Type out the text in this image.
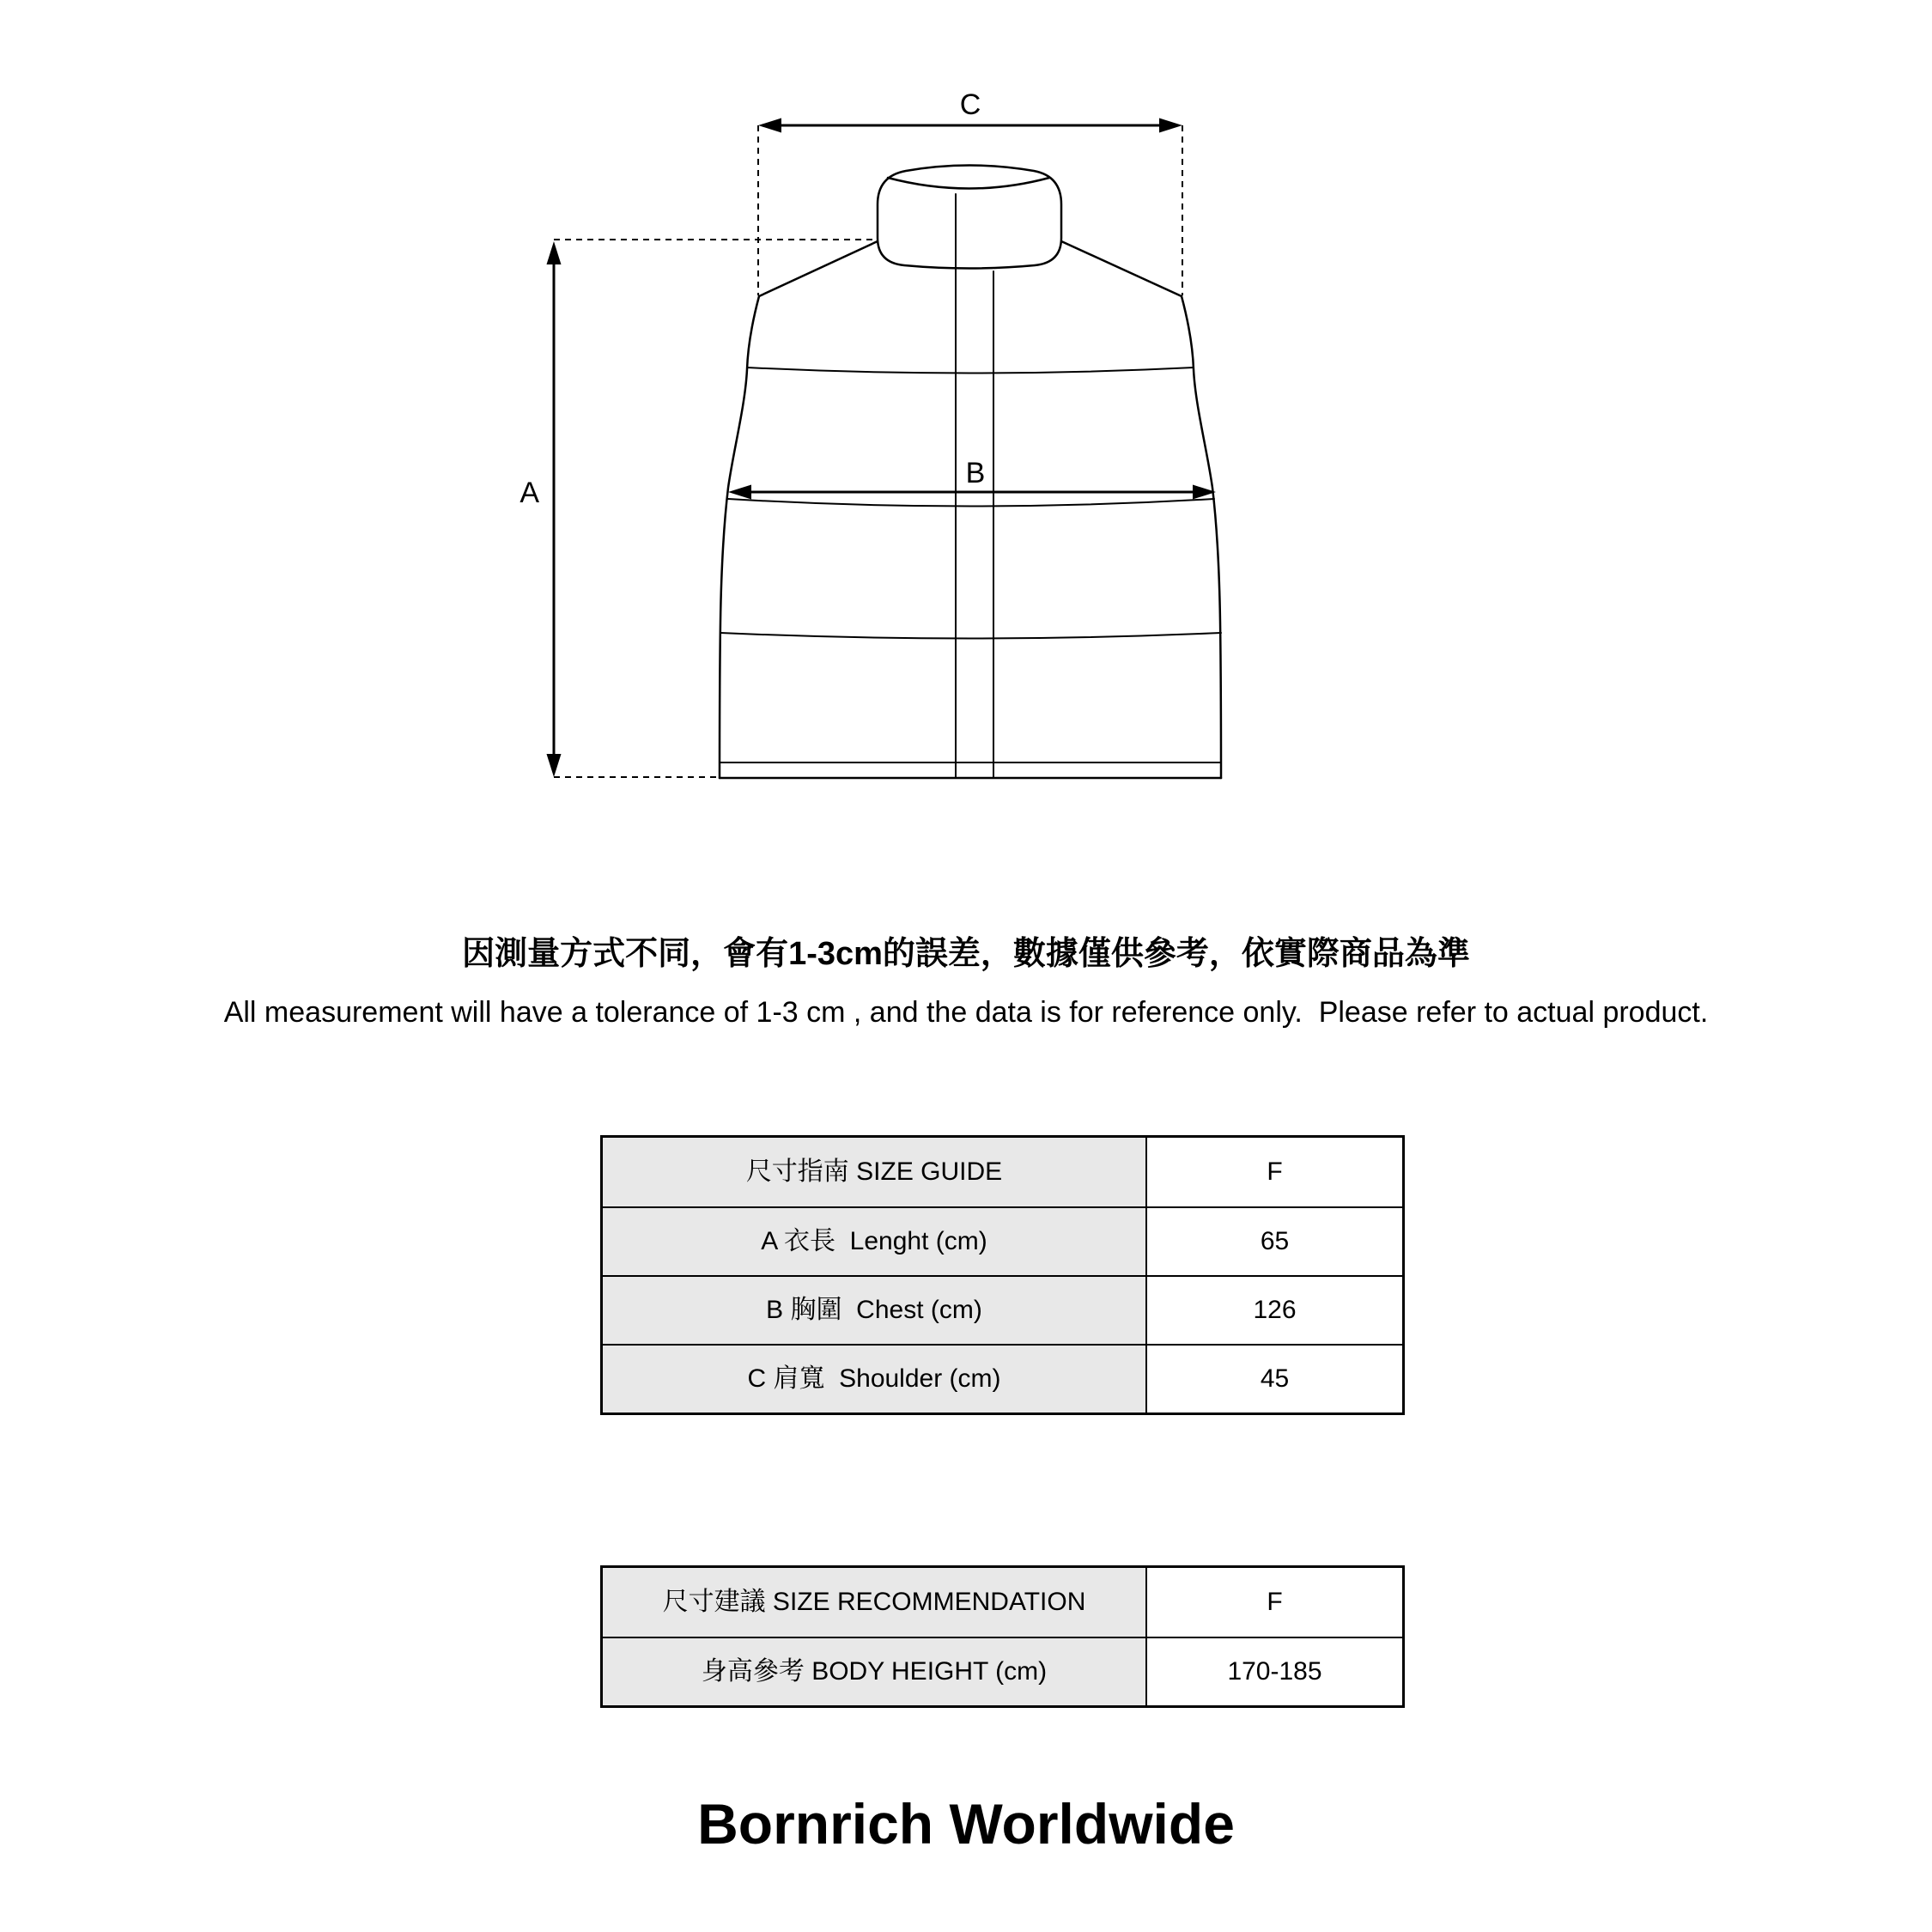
C
B
A
因測量方式不同，會有1-3cm的誤差，數據僅供參考，依實際商品為準
All measurement will have a tolerance of 1-3 cm , and the data is for reference only.  Please refer to actual product.
尺寸指南 SIZE GUIDE	F
A 衣長  Lenght (cm)	65
B 胸圍  Chest (cm)	126
C 肩寬  Shoulder (cm)	45
尺寸建議 SIZE RECOMMENDATION	F
身高參考 BODY HEIGHT (cm)	170-185
Bornrich Worldwide
